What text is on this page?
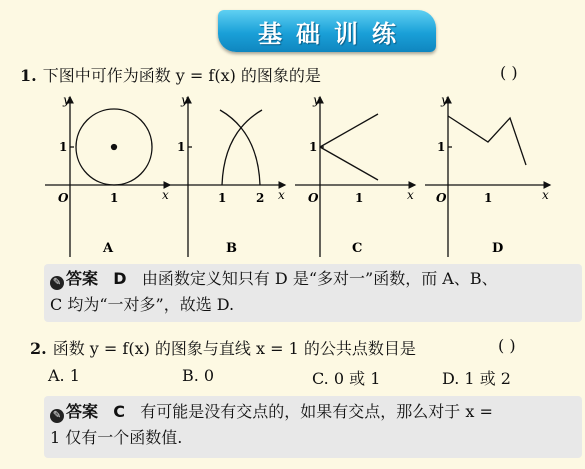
基础训练
1. 下图中可作为函数 y = f(x) 的图象的是	( )
y
1
O	1	x
A
y
1
1 2 x
B
y
1
O	1	x
C
y
1
O	1	x
D
✎ 答案 D 由函数定义知只有 D 是“多对一”函数，而 A、B、
C 均为“一对多”，故选 D.
2. 函数 y = f(x) 的图象与直线 x = 1 的公共点数目是	( )
A. 1	B. 0	C. 0 或 1	D. 1 或 2
✎ 答案 C 有可能是没有交点的，如果有交点，那么对于 x =
1 仅有一个函数值.
